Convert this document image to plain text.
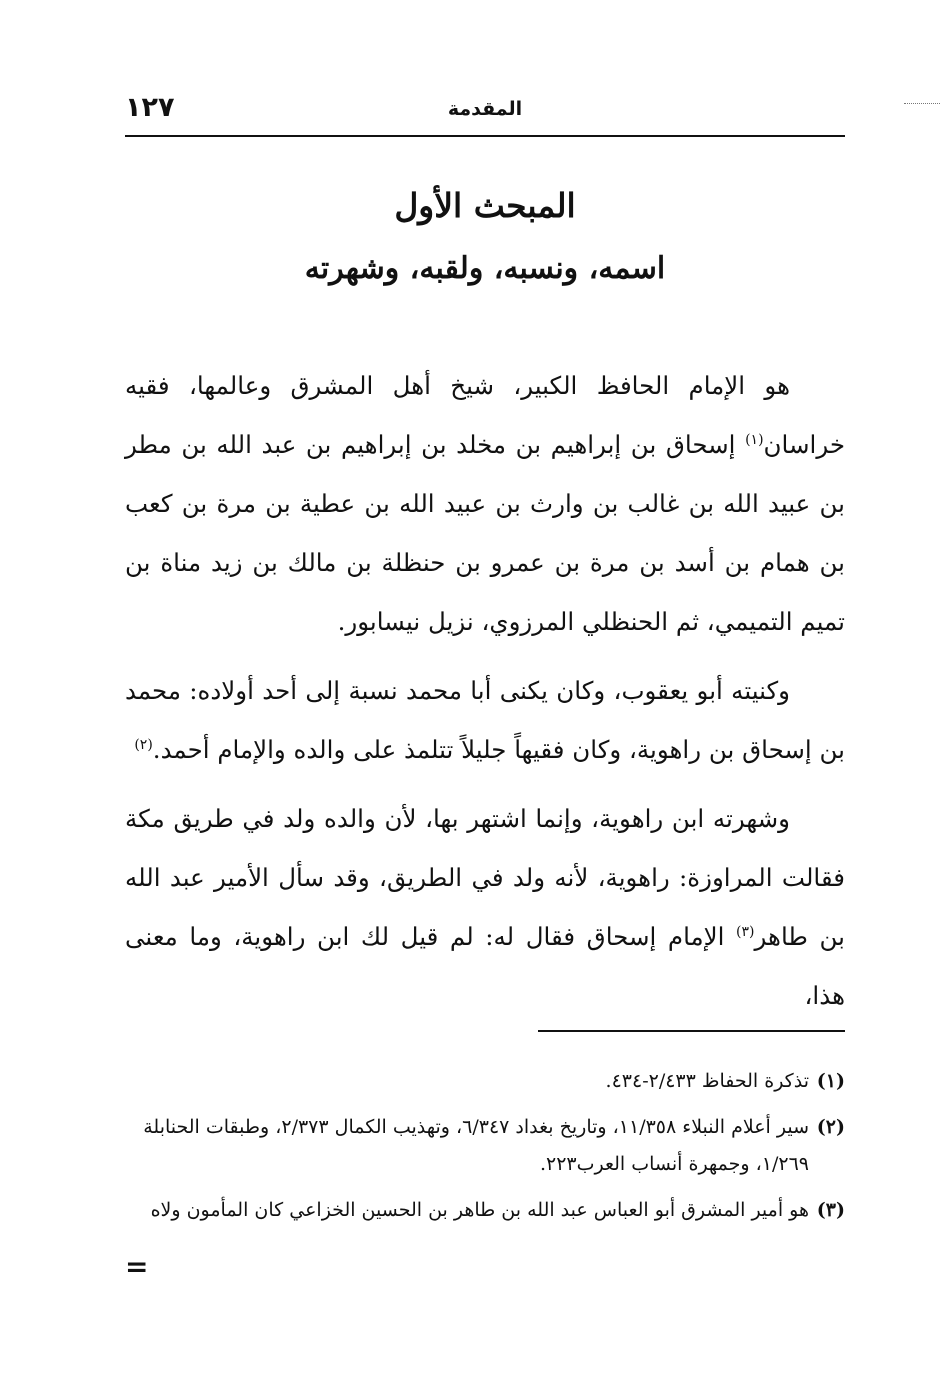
١٢٧	المقدمة
المبحث الأول
اسمه، ونسبه، ولقبه، وشهرته

هو الإمام الحافظ الكبير، شيخ أهل المشرق وعالمها، فقيه خراسان$^{(١)}$ إسحاق بن إبراهيم بن مخلد بن إبراهيم بن عبد الله بن مطر بن عبيد الله بن غالب بن وارث بن عبيد الله بن عطية بن مرة بن كعب بن همام بن أسد بن مرة بن عمرو بن حنظلة بن مالك بن زيد مناة بن تميم التميمي، ثم الحنظلي المرزوي، نزيل نيسابور.

وكنيته أبو يعقوب، وكان يكنى أبا محمد نسبة إلى أحد أولاده: محمد بن إسحاق بن راهوية، وكان فقيهاً جليلاً تتلمذ على والده والإمام أحمد.$^{(٢)}$

وشهرته ابن راهوية، وإنما اشتهر بها، لأن والده ولد في طريق مكة فقالت المراوزة: راهوية، لأنه ولد في الطريق، وقد سأل الأمير عبد الله بن طاهر$^{(٣)}$ الإمام إسحاق فقال له: لم قيل لك ابن راهوية، وما معنى هذا،

(١)
تذكرة الحفاظ ٢/٤٣٣-٤٣٤.
(٢)
سير أعلام النبلاء ١١/٣٥٨، وتاريخ بغداد ٦/٣٤٧، وتهذيب الكمال ٢/٣٧٣، وطبقات الحنابلة ١/٢٦٩، وجمهرة أنساب العرب٢٢٣.
(٣)
هو أمير المشرق أبو العباس عبد الله بن طاهر بن الحسين الخزاعي كان المأمون ولاه
=
